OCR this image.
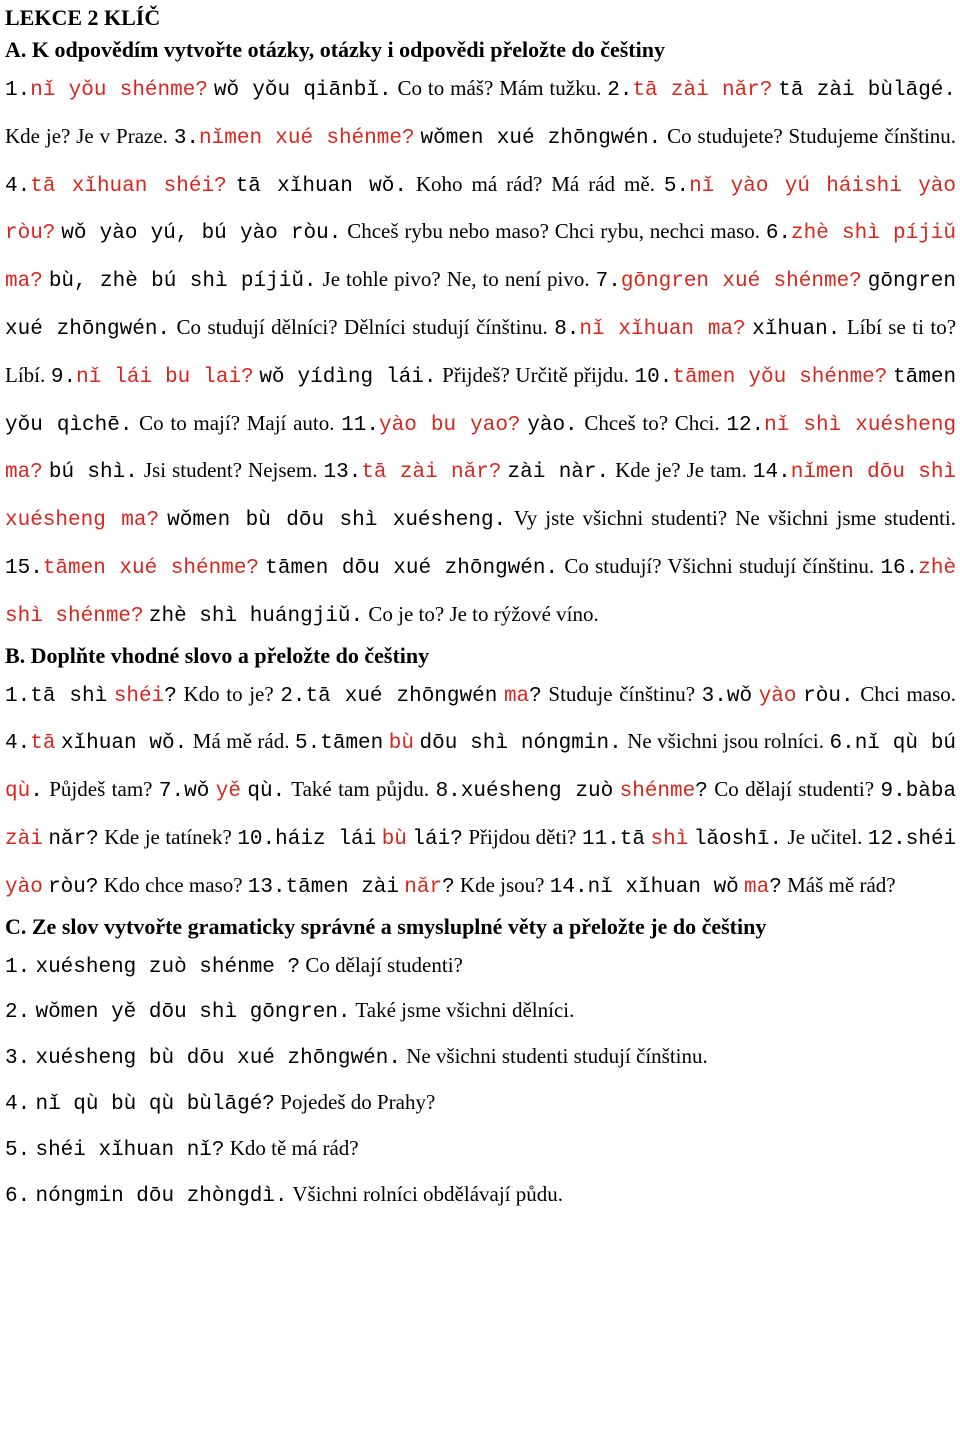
LEKCE 2 KLÍČ
A. K odpovědím vytvořte otázky, otázky i odpovědi přeložte do češtiny

1.nǐ yǒu shénme? wǒ yǒu qiānbǐ. Co to máš? Mám tužku. 2.tā zài nǎr? tā zài bùlāgé. Kde je? Je v Praze. 3.nǐmen xué shénme? wǒmen xué zhōngwén. Co studujete? Studujeme čínštinu. 4.tā xǐhuan shéi? tā xǐhuan wǒ. Koho má rád? Má rád mě. 5.nǐ yào yú háishi yào ròu? wǒ yào yú, bú yào ròu. Chceš rybu nebo maso? Chci rybu, nechci maso. 6.zhè shì píjiǔ ma? bù, zhè bú shì píjiǔ. Je tohle pivo? Ne, to není pivo. 7.gōngren xué shénme? gōngren xué zhōngwén. Co studují dělníci? Dělníci studují čínštinu. 8.nǐ xǐhuan ma? xǐhuan. Líbí se ti to? Líbí. 9.nǐ lái bu lai? wǒ yídìng lái. Přijdeš? Určitě přijdu. 10.tāmen yǒu shénme? tāmen yǒu qìchē. Co to mají? Mají auto. 11.yào bu yao? yào. Chceš to? Chci. 12.nǐ shì xuésheng ma? bú shì. Jsi student? Nejsem. 13.tā zài nǎr? zài nàr. Kde je? Je tam. 14.nǐmen dōu shì xuésheng ma? wǒmen bù dōu shì xuésheng. Vy jste všichni studenti? Ne všichni jsme studenti. 15.tāmen xué shénme? tāmen dōu xué zhōngwén. Co studují? Všichni studují čínštinu. 16.zhè shì shénme? zhè shì huángjiǔ. Co je to? Je to rýžové víno.

B. Doplňte vhodné slovo a přeložte do češtiny

1.tā shì shéi? Kdo to je? 2.tā xué zhōngwén ma? Studuje čínštinu? 3.wǒ yào ròu. Chci maso. 4.tā xǐhuan wǒ. Má mě rád. 5.tāmen bù dōu shì nóngmin. Ne všichni jsou rolníci. 6.nǐ qù bú qù. Půjdeš tam? 7.wǒ yě qù. Také tam půjdu. 8.xuésheng zuò shénme? Co dělají studenti? 9.bàba zài nǎr? Kde je tatínek? 10.háiz lái bù lái? Přijdou děti? 11.tā shì lǎoshī. Je učitel. 12.shéi yào ròu? Kdo chce maso? 13.tāmen zài nǎr? Kde jsou? 14.nǐ xǐhuan wǒ ma? Máš mě rád?

C. Ze slov vytvořte gramaticky správné a smysluplné věty a přeložte je do češtiny
1. xuésheng zuò shénme ? Co dělají studenti?
2. wǒmen yě dōu shì gōngren. Také jsme všichni dělníci.
3. xuésheng bù dōu xué zhōngwén. Ne všichni studenti studují čínštinu.
4. nǐ qù bù qù bùlāgé? Pojedeš do Prahy?
5. shéi xǐhuan nǐ? Kdo tě má rád?
6. nóngmin dōu zhòngdì. Všichni rolníci obdělávají půdu.
